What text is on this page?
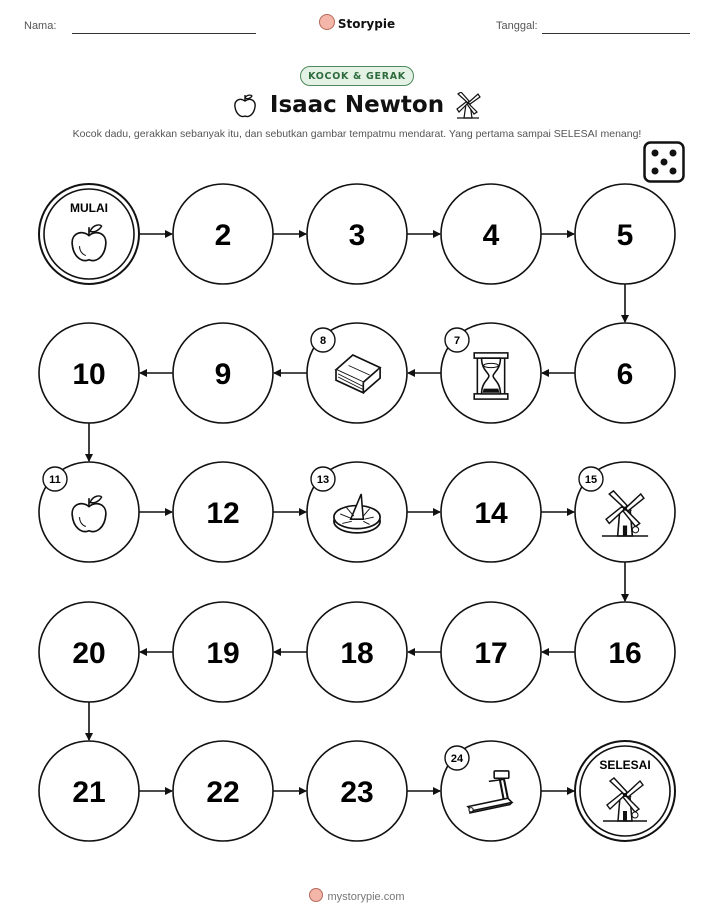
Nama:	Storypie	Tanggal:
KOCOK & GERAK
Isaac Newton
Kocok dadu, gerakkan sebanyak itu, dan sebutkan gambar tempatmu mendarat. Yang pertama sampai SELESAI menang!
MULAI
2	3	4	5
6
7
8
9
10
11
12
13
14
15
16
17
18
19
20
21	22	23
24	SELESAI
mystorypie.com
